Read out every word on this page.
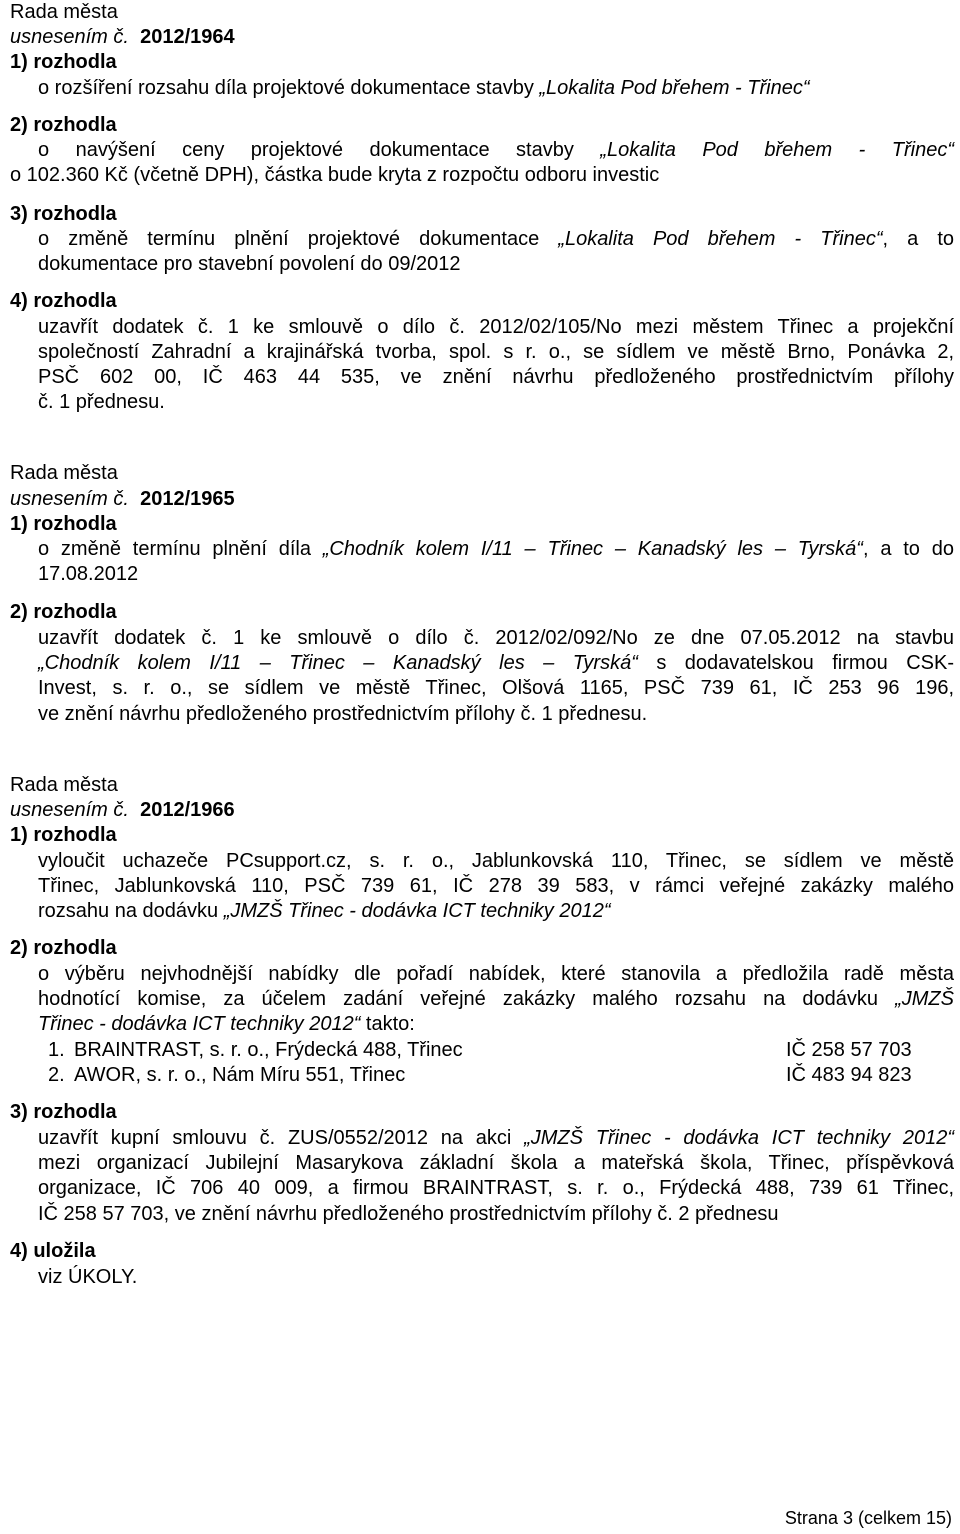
Rada města
usnesením č. 2012/1964
1) rozhodla
o rozšíření rozsahu díla projektové dokumentace stavby „Lokalita Pod břehem - Třinec“
2) rozhodla
o navýšení ceny projektové dokumentace stavby „Lokalita Pod břehem - Třinec“
o 102.360 Kč (včetně DPH), částka bude kryta z rozpočtu odboru investic
3) rozhodla
o změně termínu plnění projektové dokumentace „Lokalita Pod břehem - Třinec“, a to
dokumentace pro stavební povolení do 09/2012
4) rozhodla
uzavřít dodatek č. 1 ke smlouvě o dílo č. 2012/02/105/No mezi městem Třinec a projekční
společností Zahradní a krajinářská tvorba, spol. s r. o., se sídlem ve městě Brno, Ponávka 2,
PSČ 602 00, IČ 463 44 535, ve znění návrhu předloženého prostřednictvím přílohy
č. 1 přednesu.
Rada města
usnesením č. 2012/1965
1) rozhodla
o změně termínu plnění díla „Chodník kolem I/11 – Třinec – Kanadský les – Tyrská“, a to do
17.08.2012
2) rozhodla
uzavřít dodatek č. 1 ke smlouvě o dílo č. 2012/02/092/No ze dne 07.05.2012 na stavbu
„Chodník kolem I/11 – Třinec – Kanadský les – Tyrská“ s dodavatelskou firmou CSK-
Invest, s. r. o., se sídlem ve městě Třinec, Olšová 1165, PSČ 739 61, IČ 253 96 196,
ve znění návrhu předloženého prostřednictvím přílohy č. 1 přednesu.
Rada města
usnesením č. 2012/1966
1) rozhodla
vyloučit uchazeče PCsupport.cz, s. r. o., Jablunkovská 110, Třinec, se sídlem ve městě
Třinec, Jablunkovská 110, PSČ 739 61, IČ 278 39 583, v rámci veřejné zakázky malého
rozsahu na dodávku „JMZŠ Třinec - dodávka ICT techniky 2012“
2) rozhodla
o výběru nejvhodnější nabídky dle pořadí nabídek, které stanovila a předložila radě města
hodnotící komise, za účelem zadání veřejné zakázky malého rozsahu na dodávku „JMZŠ
Třinec - dodávka ICT techniky 2012“ takto:
1. BRAINTRAST, s. r. o., Frýdecká 488, Třinec	IČ 258 57 703
2. AWOR, s. r. o., Nám Míru 551, Třinec	IČ 483 94 823
3) rozhodla
uzavřít kupní smlouvu č. ZUS/0552/2012 na akci „JMZŠ Třinec - dodávka ICT techniky 2012“
mezi organizací Jubilejní Masarykova základní škola a mateřská škola, Třinec, příspěvková
organizace, IČ 706 40 009, a firmou BRAINTRAST, s. r. o., Frýdecká 488, 739 61 Třinec,
IČ 258 57 703, ve znění návrhu předloženého prostřednictvím přílohy č. 2 přednesu
4) uložila
viz ÚKOLY.
Strana 3 (celkem 15)
